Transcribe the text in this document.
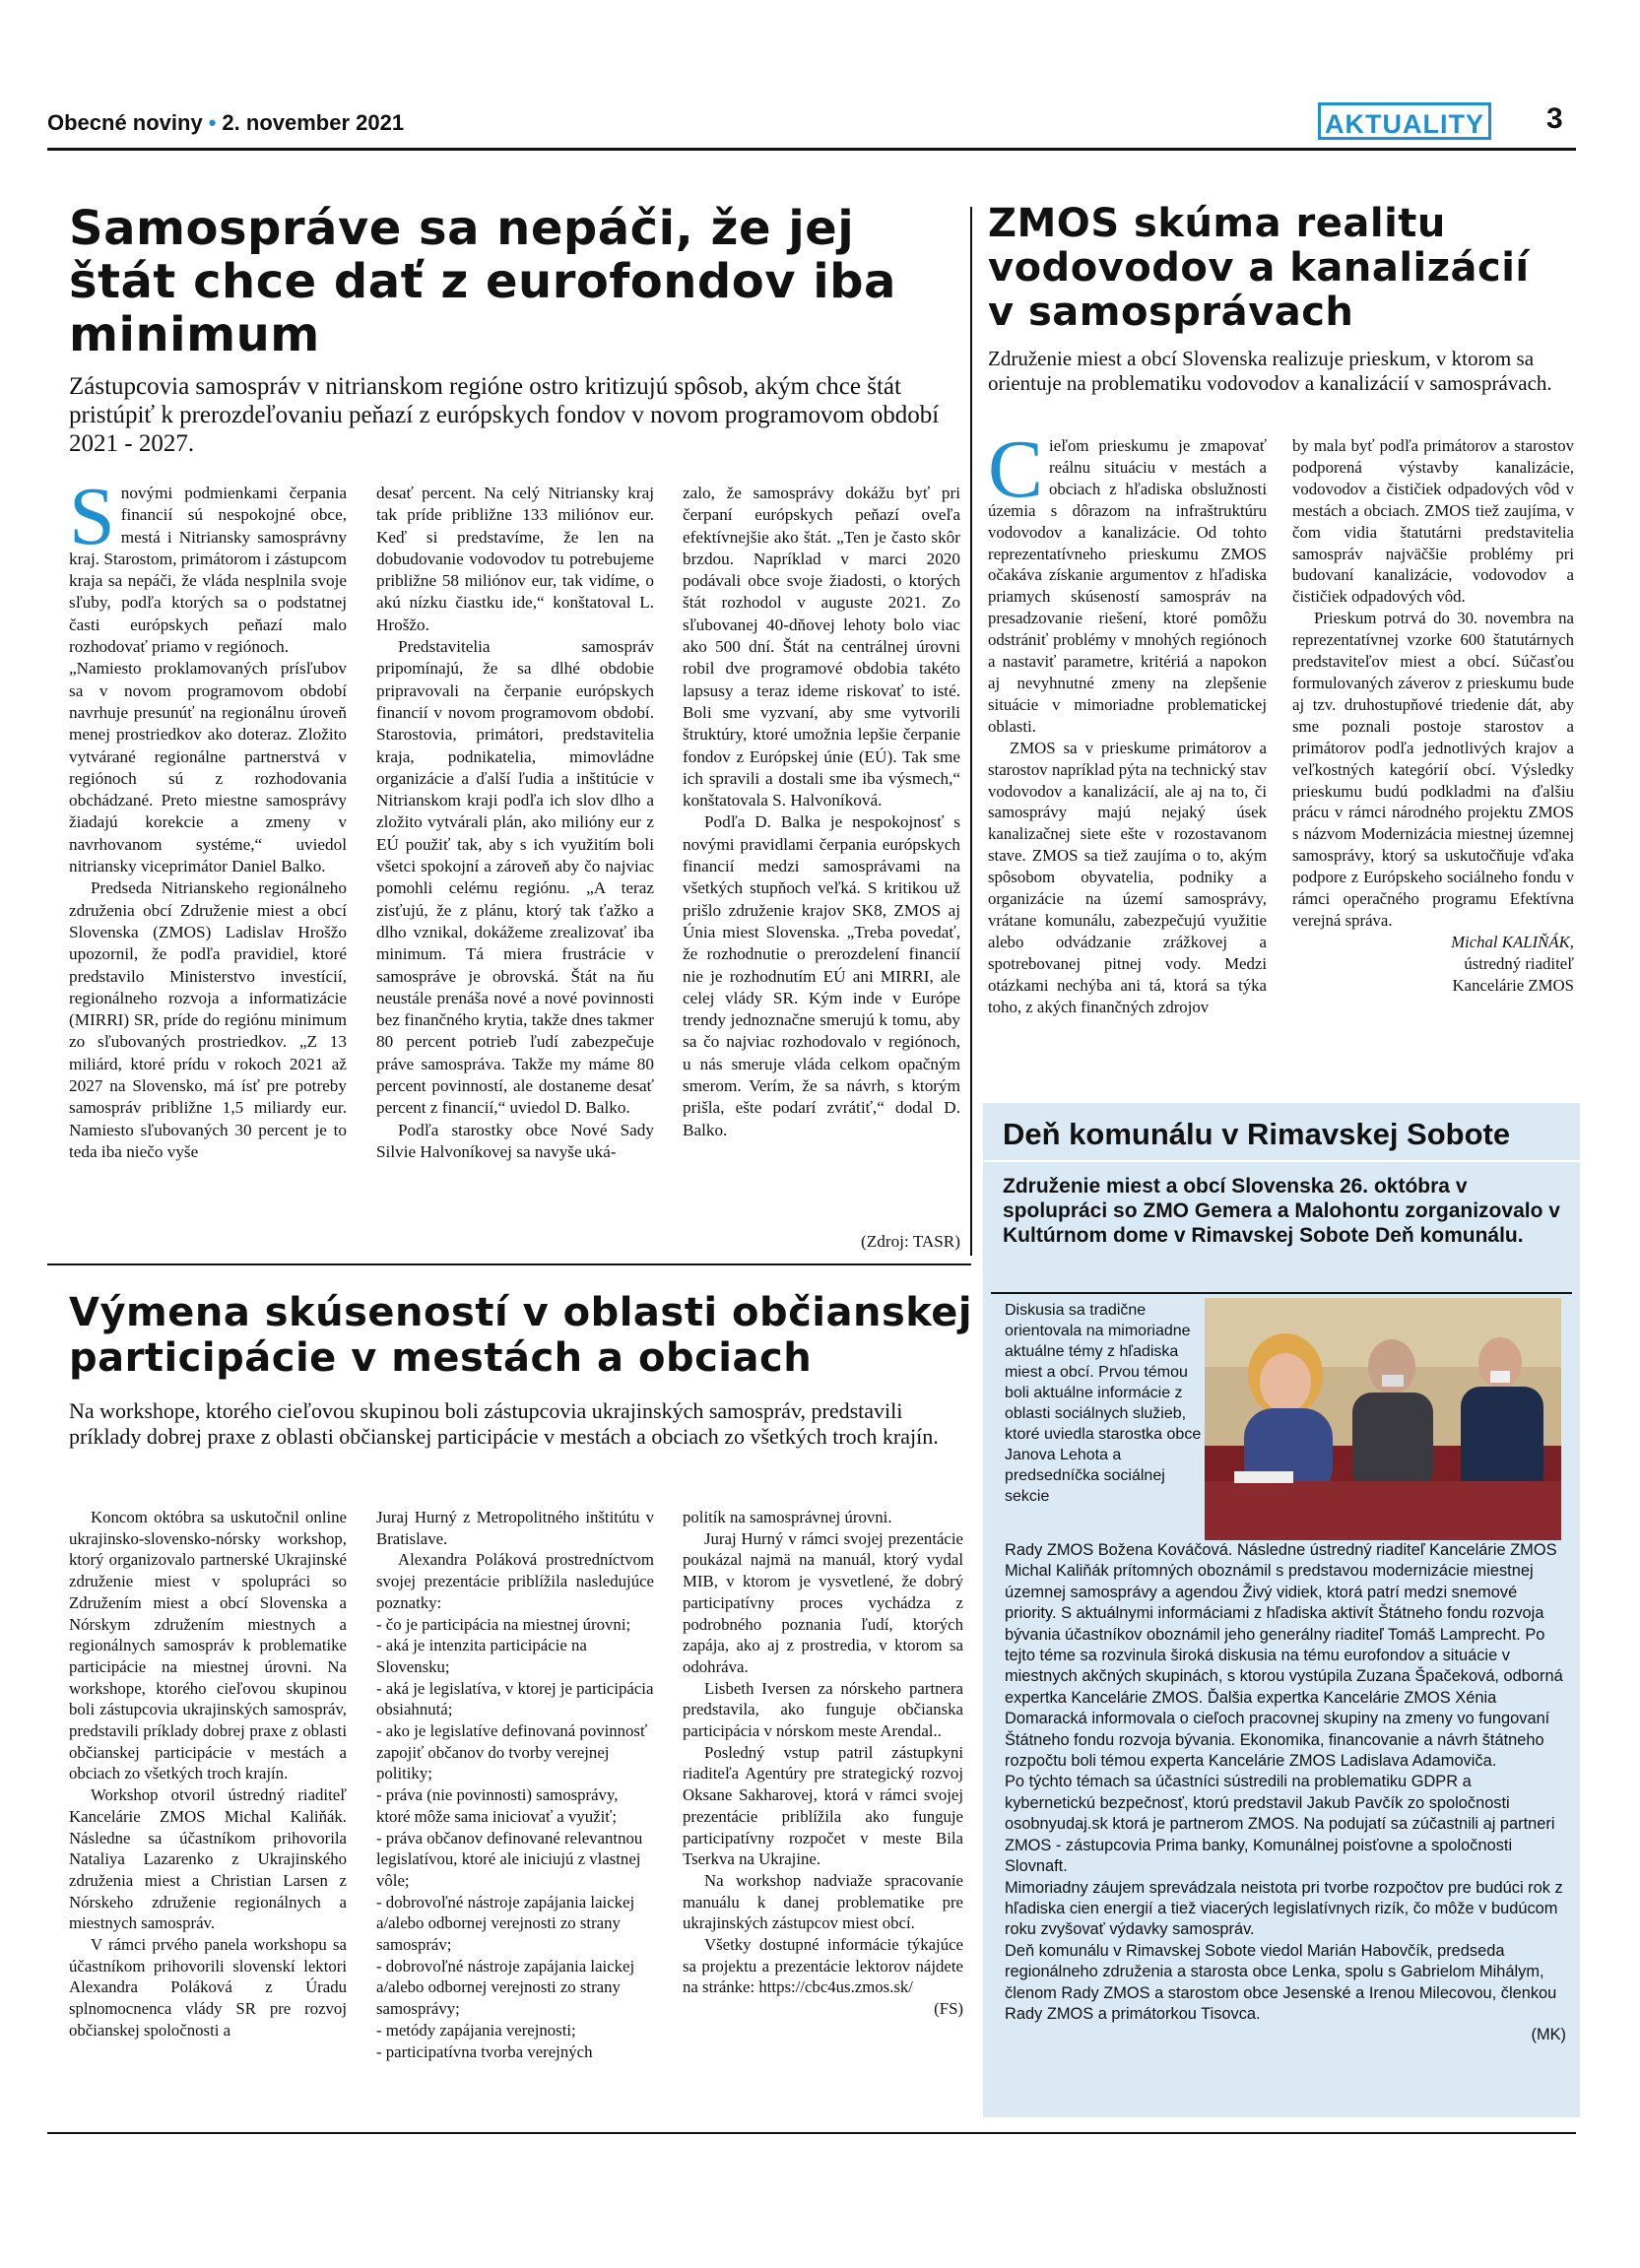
Obecné noviny • 2. november 2021	AKTUALITY 3
Samospráve sa nepáči, že jej
štát chce dať z eurofondov iba
minimum
Zástupcovia samospráv v nitrianskom regióne ostro kritizujú spôsob, akým chce štát pristúpiť k prerozdeľovaniu peňazí z európskych fondov v novom programovom období 2021 - 2027.

Snovými podmienkami čerpania financií sú nespokojné obce, mestá i Nitriansky samosprávny kraj. Starostom, primátorom i zástupcom kraja sa nepáči, že vláda nesplnila svoje sľuby, podľa ktorých sa o podstatnej časti európskych peňazí malo rozhodovať priamo v regiónoch.

„Namiesto proklamovaných prísľubov sa v novom programovom období navrhuje presunúť na regionálnu úroveň menej prostriedkov ako doteraz. Zložito vytvárané regionálne partnerstvá v regiónoch sú z rozhodovania obchádzané. Preto miestne samosprávy žiadajú korekcie a zmeny v navrhovanom systéme,“ uviedol nitriansky viceprimátor Daniel Balko.

Predseda Nitrianskeho regionálneho združenia obcí Združenie miest a obcí Slovenska (ZMOS) Ladislav Hrošžo upozornil, že podľa pravidiel, ktoré predstavilo Ministerstvo investícií, regionálneho rozvoja a informatizácie (MIRRI) SR, príde do regiónu minimum zo sľubovaných prostriedkov. „Z 13 miliárd, ktoré prídu v rokoch 2021 až 2027 na Slovensko, má ísť pre potreby samospráv približne 1,5 miliardy eur. Namiesto sľubovaných 30 percent je to teda iba niečo vyše

desať percent. Na celý Nitriansky kraj tak príde približne 133 miliónov eur. Keď si predstavíme, že len na dobudovanie vodovodov tu potrebujeme približne 58 miliónov eur, tak vidíme, o akú nízku čiastku ide,“ konštatoval L. Hrošžo.

Predstavitelia samospráv pripomínajú, že sa dlhé obdobie pripravovali na čerpanie európskych financií v novom programovom období. Starostovia, primátori, predstavitelia kraja, podnikatelia, mimovládne organizácie a ďalší ľudia a inštitúcie v Nitrianskom kraji podľa ich slov dlho a zložito vytvárali plán, ako milióny eur z EÚ použiť tak, aby s ich využitím boli všetci spokojní a zároveň aby čo najviac pomohli celému regiónu. „A teraz zisťujú, že z plánu, ktorý tak ťažko a dlho vznikal, dokážeme zrealizovať iba minimum. Tá miera frustrácie v samospráve je obrovská. Štát na ňu neustále prenáša nové a nové povinnosti bez finančného krytia, takže dnes takmer 80 percent potrieb ľudí zabezpečuje práve samospráva. Takže my máme 80 percent povinností, ale dostaneme desať percent z financií,“ uviedol D. Balko.

Podľa starostky obce Nové Sady Silvie Halvoníkovej sa navyše uká-

zalo, že samosprávy dokážu byť pri čerpaní európskych peňazí oveľa efektívnejšie ako štát. „Ten je často skôr brzdou. Napríklad v marci 2020 podávali obce svoje žiadosti, o ktorých štát rozhodol v auguste 2021. Zo sľubovanej 40-dňovej lehoty bolo viac ako 500 dní. Štát na centrálnej úrovni robil dve programové obdobia takéto lapsusy a teraz ideme riskovať to isté. Boli sme vyzvaní, aby sme vytvorili štruktúry, ktoré umožnia lepšie čerpanie fondov z Európskej únie (EÚ). Tak sme ich spravili a dostali sme iba výsmech,“ konštatovala S. Halvoníková.

Podľa D. Balka je nespokojnosť s novými pravidlami čerpania európskych financií medzi samosprávami na všetkých stupňoch veľká. S kritikou už prišlo združenie krajov SK8, ZMOS aj Únia miest Slovenska. „Treba povedať, že rozhodnutie o prerozdelení financií nie je rozhodnutím EÚ ani MIRRI, ale celej vlády SR. Kým inde v Európe trendy jednoznačne smerujú k tomu, aby sa čo najviac rozhodovalo v regiónoch, u nás smeruje vláda celkom opačným smerom. Verím, že sa návrh, s ktorým prišla, ešte podarí zvrátiť,“ dodal D. Balko.

(Zdroj: TASR)
ZMOS skúma realitu
vodovodov a kanalizácií
v samosprávach
Združenie miest a obcí Slovenska realizuje prieskum, v ktorom sa orientuje na problematiku vodovodov a kanalizácií v samosprávach.

Cieľom prieskumu je zmapovať reálnu situáciu v mestách a obciach z hľadiska obslužnosti územia s dôrazom na infraštruktúru vodovodov a kanalizácie. Od tohto reprezentatívneho prieskumu ZMOS očakáva získanie argumentov z hľadiska priamych skúseností samospráv na presadzovanie riešení, ktoré pomôžu odstrániť problémy v mnohých regiónoch a nastaviť parametre, kritériá a napokon aj nevyhnutné zmeny na zlepšenie situácie v mimoriadne problematickej oblasti.

ZMOS sa v prieskume primátorov a starostov napríklad pýta na technický stav vodovodov a kanalizácií, ale aj na to, či samosprávy majú nejaký úsek kanalizačnej siete ešte v rozostavanom stave. ZMOS sa tiež zaujíma o to, akým spôsobom obyvatelia, podniky a organizácie na území samosprávy, vrátane komunálu, zabezpečujú využitie alebo odvádzanie zrážkovej a spotrebovanej pitnej vody. Medzi otázkami nechýba ani tá, ktorá sa týka toho, z akých finančných zdrojov

by mala byť podľa primátorov a starostov podporená výstavby kanalizácie, vodovodov a čističiek odpadových vôd v mestách a obciach. ZMOS tiež zaujíma, v čom vidia štatutárni predstavitelia samospráv najväčšie problémy pri budovaní kanalizácie, vodovodov a čističiek odpadových vôd.

Prieskum potrvá do 30. novembra na reprezentatívnej vzorke 600 štatutárnych predstaviteľov miest a obcí. Súčasťou formulovaných záverov z prieskumu bude aj tzv. druhostupňové triedenie dát, aby sme poznali postoje starostov a primátorov podľa jednotlivých krajov a veľkostných kategórií obcí. Výsledky prieskumu budú podkladmi na ďalšiu prácu v rámci národného projektu ZMOS s názvom Modernizácia miestnej územnej samosprávy, ktorý sa uskutočňuje vďaka podpore z Európskeho sociálneho fondu v rámci operačného programu Efektívna verejná správa.

Michal KALIŇÁK,
ústredný riaditeľ
Kancelárie ZMOS
Deň komunálu v Rimavskej Sobote
Združenie miest a obcí Slovenska 26. októbra v spolupráci so ZMO Gemera a Malohontu zorganizovalo v Kultúrnom dome v Rimavskej Sobote Deň komunálu.
Diskusia sa tradične orientovala na mimoriadne aktuálne témy z hľadiska miest a obcí. Prvou témou boli aktuálne informácie z oblasti sociálnych služieb, ktoré uviedla starostka obce Janova Lehota a predsedníčka sociálnej sekcie
Rady ZMOS Božena Kováčová. Následne ústredný riaditeľ Kancelárie ZMOS Michal Kaliňák prítomných oboznámil s predstavou modernizácie miestnej územnej samosprávy a agendou Živý vidiek, ktorá patrí medzi snemové priority. S aktuálnymi informáciami z hľadiska aktivít Štátneho fondu rozvoja bývania účastníkov oboznámil jeho generálny riaditeľ Tomáš Lamprecht. Po tejto téme sa rozvinula široká diskusia na tému eurofondov a situácie v miestnych akčných skupinách, s ktorou vystúpila Zuzana Špačeková, odborná expertka Kancelárie ZMOS. Ďalšia expertka Kancelárie ZMOS Xénia Domaracká informovala o cieľoch pracovnej skupiny na zmeny vo fungovaní Štátneho fondu rozvoja bývania. Ekonomika, financovanie a návrh štátneho rozpočtu boli témou experta Kancelárie ZMOS Ladislava Adamoviča.
Po týchto témach sa účastníci sústredili na problematiku GDPR a kybernetickú bezpečnosť, ktorú predstavil Jakub Pavčík zo spoločnosti osobnyudaj.sk ktorá je partnerom ZMOS. Na podujatí sa zúčastnili aj partneri ZMOS - zástupcovia Prima banky, Komunálnej poisťovne a spoločnosti Slovnaft.
Mimoriadny záujem sprevádzala neistota pri tvorbe rozpočtov pre budúci rok z hľadiska cien energií a tiež viacerých legislatívnych rizík, čo môže v budúcom roku zvyšovať výdavky samospráv.
Deň komunálu v Rimavskej Sobote viedol Marián Habovčík, predseda regionálneho združenia a starosta obce Lenka, spolu s Gabrielom Mihálym, členom Rady ZMOS a starostom obce Jesenské a Irenou Milecovou, členkou Rady ZMOS a primátorkou Tisovca.
(MK)
Výmena skúseností v oblasti občianskej
participácie v mestách a obciach
Na workshope, ktorého cieľovou skupinou boli zástupcovia ukrajinských samospráv, predstavili príklady dobrej praxe z oblasti občianskej participácie v mestách a obciach zo všetkých troch krajín.

Koncom októbra sa uskutočnil online ukrajinsko-slovensko-nórsky workshop, ktorý organizovalo partnerské Ukrajinské združenie miest v spolupráci so Združením miest a obcí Slovenska a Nórskym združením miestnych a regionálnych samospráv k problematike participácie na miestnej úrovni. Na workshope, ktorého cieľovou skupinou boli zástupcovia ukrajinských samospráv, predstavili príklady dobrej praxe z oblasti občianskej participácie v mestách a obciach zo všetkých troch krajín.

Workshop otvoril ústredný riaditeľ Kancelárie ZMOS Michal Kaliňák. Následne sa účastníkom prihovorila Nataliya Lazarenko z Ukrajinského združenia miest a Christian Larsen z Nórskeho združenie regionálnych a miestnych samospráv.

V rámci prvého panela workshopu sa účastníkom prihovorili slovenskí lektori Alexandra Poláková z Úradu splnomocnenca vlády SR pre rozvoj občianskej spoločnosti a

Juraj Hurný z Metropolitného inštitútu v Bratislave.

Alexandra Poláková prostredníctvom svojej prezentácie priblížila nasledujúce poznatky:

- čo je participácia na miestnej úrovni;
- aká je intenzita participácie na Slovensku;
- aká je legislatíva, v ktorej je participácia obsiahnutá;
- ako je legislatíve definovaná povinnosť zapojiť občanov do tvorby verejnej politiky;
- práva (nie povinnosti) samosprávy, ktoré môže sama iniciovať a využiť;
- práva občanov definované relevantnou legislatívou, ktoré ale iniciujú z vlastnej vôle;
- dobrovoľné nástroje zapájania laickej a/alebo odbornej verejnosti zo strany samospráv;
- dobrovoľné nástroje zapájania laickej a/alebo odbornej verejnosti zo strany samosprávy;
- metódy zapájania verejnosti;
- participatívna tvorba verejných

politík na samosprávnej úrovni.

Juraj Hurný v rámci svojej prezentácie poukázal najmä na manuál, ktorý vydal MIB, v ktorom je vysvetlené, že dobrý participatívny proces vychádza z podrobného poznania ľudí, ktorých zapája, ako aj z prostredia, v ktorom sa odohráva.

Lisbeth Iversen za nórskeho partnera predstavila, ako funguje občianska participácia v nórskom meste Arendal..

Posledný vstup patril zástupkyni riaditeľa Agentúry pre strategický rozvoj Oksane Sakharovej, ktorá v rámci svojej prezentácie priblížila ako funguje participatívny rozpočet v meste Bila Tserkva na Ukrajine.

Na workshop nadviaže spracovanie manuálu k danej problematike pre ukrajinských zástupcov miest obcí.

Všetky dostupné informácie týkajúce sa projektu a prezentácie lektorov nájdete na stránke: https://cbc4us.zmos.sk/

(FS)
